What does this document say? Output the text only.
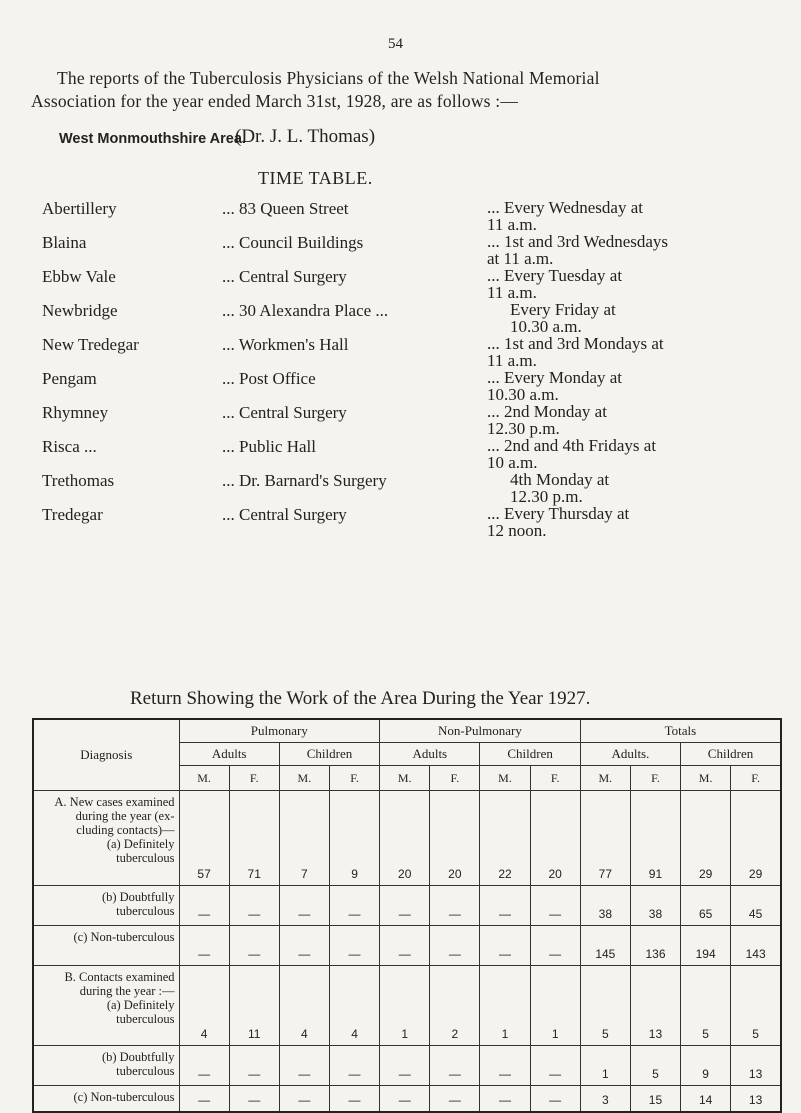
54
The reports of the Tuberculosis Physicians of the Welsh National Memorial
Association for the year ended March 31st, 1928, are as follows :—
West Monmouthshire Area.
(Dr. J. L. Thomas)
TIME TABLE.
Abertillery	... 83 Queen Street	... Every Wednesday at
11 a.m.
Blaina	... Council Buildings	... 1st and 3rd Wednesdays
at 11 a.m.
Ebbw Vale	... Central Surgery	... Every Tuesday at
11 a.m.
Newbridge	... 30 Alexandra Place ...	Every Friday at
10.30 a.m.
New Tredegar	... Workmen's Hall	... 1st and 3rd Mondays at
11 a.m.
Pengam	... Post Office	... Every Monday at
10.30 a.m.
Rhymney	... Central Surgery	... 2nd Monday at
12.30 p.m.
Risca ...	... Public Hall	... 2nd and 4th Fridays at
10 a.m.
Trethomas	... Dr. Barnard's Surgery	4th Monday at
12.30 p.m.
Tredegar	... Central Surgery	... Every Thursday at
12 noon.
Return Showing the Work of the Area During the Year 1927.
Diagnosis	Pulmonary				Non-Pulmonary				Totals			
	Adults		Children		Adults		Children		Adults.		Children	
	M.	F.	M.	F.	M.	F.	M.	F.	M.	F.	M.	F.
A. New cases examined
during the year (ex-
cluding contacts)—
(a) Definitely
tuberculous	57	71	7	9	20	20	22	20	77	91	29	29
(b) Doubtfully
tuberculous	—	—	—	—	—	—	—	—	38	38	65	45
(c) Non-tuberculous	—	—	—	—	—	—	—	—	145	136	194	143
B. Contacts examined
during the year :—
(a) Definitely
tuberculous	4	11	4	4	1	2	1	1	5	13	5	5
(b) Doubtfully
tuberculous	—	—	—	—	—	—	—	—	1	5	9	13
(c) Non-tuberculous	—	—	—	—	—	—	—	—	3	15	14	13
